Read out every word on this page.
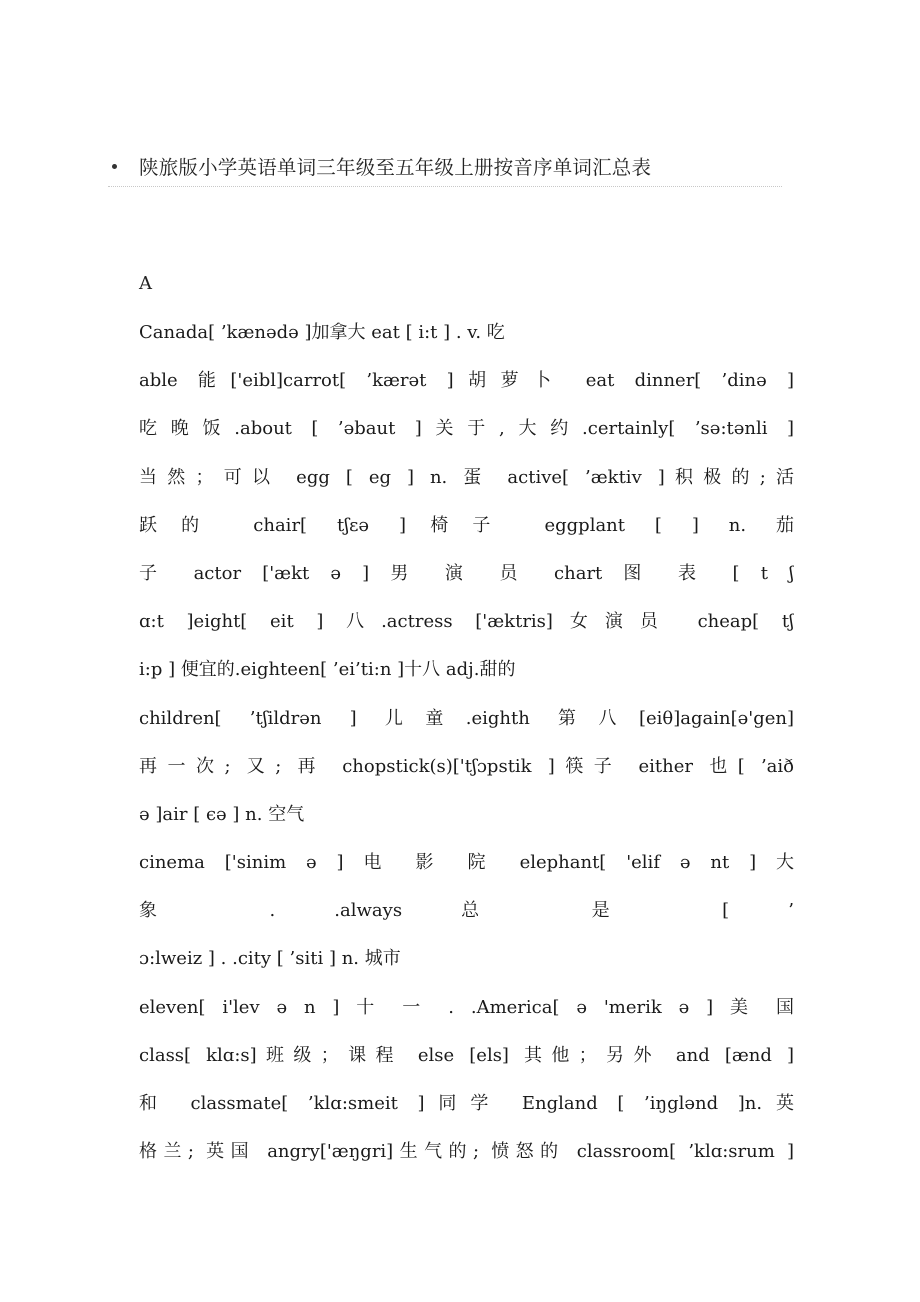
陕旅版小学英语单词三年级至五年级上册按音序单词汇总表
A
Canada[ ’kænədə ]加拿大 eat [ i:t ] . v. 吃
able 能['eibl]carrot[ ’kærət ]胡萝卜 eat dinner[ ’dinə ]
吃晚饭.about [ ’əbaut ]关于,大约.certainly[ ’sə:tənli ]
当然；可以 egg [ eg ] n. 蛋 active[ ’æktiv ]积极的;活
跃的 chair[ tʃεə ]椅子 eggplant [ ] n. 茄
子 actor ['ækt ə ] 男 演 员 chart 图 表 [ t ʃ
ɑ:t ]eight[ eit ] 八.actress ['æktris]女演员 cheap[ tʃ
i:p ] 便宜的.eighteen[ ’ei’ti:n ]十八 adj.甜的
children[ ’tʃildrən ] 儿童.eighth 第八[eiθ]again[ə'gen]
再一次; 又; 再 chopstick(s)['tʃɔpstik ]筷子 either 也[ ’aið
ə ]air [ єə ] n. 空气
cinema ['sinim ə ] 电 影 院 elephant[ 'elif ə nt ] 大
象 . .always 总 是 [ ’
ɔ:lweiz ] . .city [ ’siti ] n. 城市
eleven[ i'lev ə n ] 十 一 . .America[ ə 'merik ə ] 美 国
class[ klɑ:s]班级；课程 else [els] 其他；另外 and [ænd ]
和 classmate[ ’klɑ:smeit ]同学 England [ ’iŋglənd ]n.英
格兰; 英国 angry['æŋgri]生气的; 愤怒的 classroom[ ’klɑ:srum ]
